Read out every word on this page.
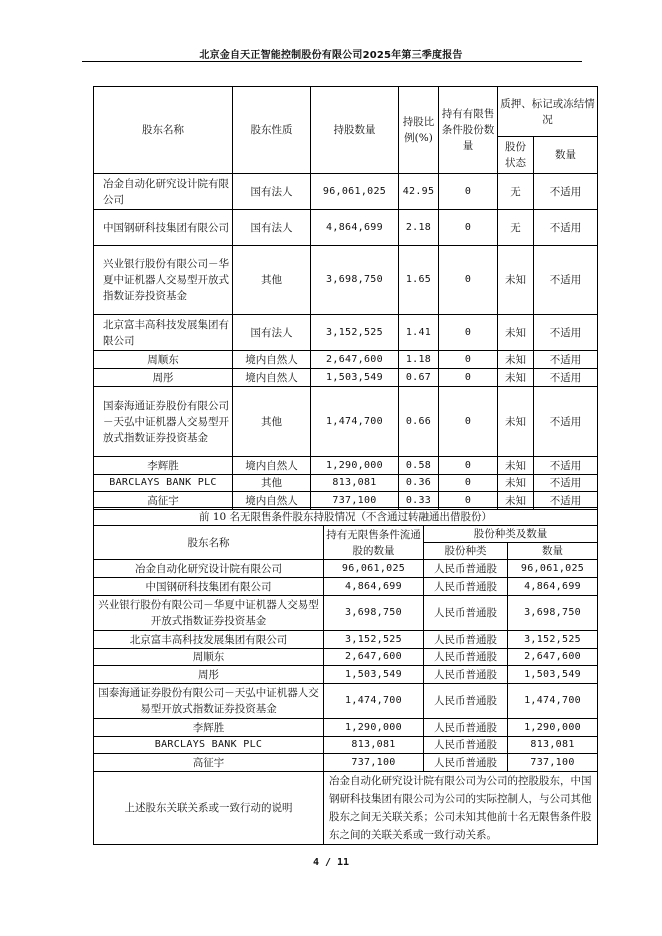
北京金自天正智能控制股份有限公司2025年第三季度报告
股东名称	股东性质	持股数量	持股比例(%)	持有有限售条件股份数量	质押、标记或冻结情况	
					股份状态	数量
冶金自动化研究设计院有限公司	国有法人	96,061,025	42.95	0	无	不适用
中国钢研科技集团有限公司	国有法人	4,864,699	2.18	0	无	不适用
兴业银行股份有限公司－华夏中证机器人交易型开放式指数证券投资基金	其他	3,698,750	1.65	0	未知	不适用
北京富丰高科技发展集团有限公司	国有法人	3,152,525	1.41	0	未知	不适用
周顺东	境内自然人	2,647,600	1.18	0	未知	不适用
周彤	境内自然人	1,503,549	0.67	0	未知	不适用
国泰海通证券股份有限公司－天弘中证机器人交易型开放式指数证券投资基金	其他	1,474,700	0.66	0	未知	不适用
李辉胜	境内自然人	1,290,000	0.58	0	未知	不适用
BARCLAYS BANK PLC	其他	813,081	0.36	0	未知	不适用
高征宇	境内自然人	737,100	0.33	0	未知	不适用
前 10 名无限售条件股东持股情况（不含通过转融通出借股份）			
股东名称	持有无限售条件流通股的数量	股份种类及数量	
		股份种类	数量
冶金自动化研究设计院有限公司	96,061,025	人民币普通股	96,061,025
中国钢研科技集团有限公司	4,864,699	人民币普通股	4,864,699
兴业银行股份有限公司－华夏中证机器人交易型开放式指数证券投资基金	3,698,750	人民币普通股	3,698,750
北京富丰高科技发展集团有限公司	3,152,525	人民币普通股	3,152,525
周顺东	2,647,600	人民币普通股	2,647,600
周彤	1,503,549	人民币普通股	1,503,549
国泰海通证券股份有限公司－天弘中证机器人交易型开放式指数证券投资基金	1,474,700	人民币普通股	1,474,700
李辉胜	1,290,000	人民币普通股	1,290,000
BARCLAYS BANK PLC	813,081	人民币普通股	813,081
高征宇	737,100	人民币普通股	737,100
上述股东关联关系或一致行动的说明	冶金自动化研究设计院有限公司为公司的控股股东，中国钢研科技集团有限公司为公司的实际控制人，与公司其他股东之间无关联关系；公司未知其他前十名无限售条件股东之间的关联关系或一致行动关系。		
4 / 11
